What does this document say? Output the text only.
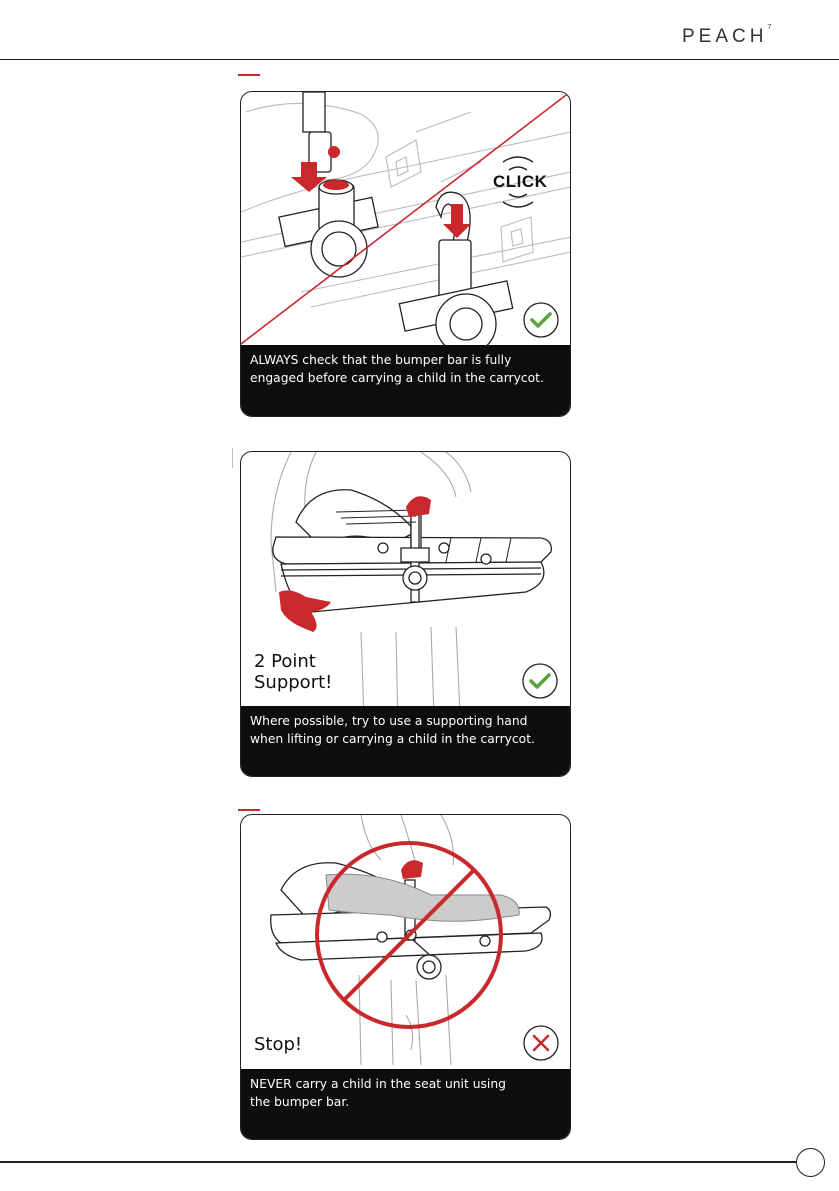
PEACH$^7$
CLICK
ALWAYS check that the bumper bar is fully
engaged before carrying a child in the carrycot.
2 Point
Support!
Where possible, try to use a supporting hand
when lifting or carrying a child in the carrycot.
Stop!
NEVER carry a child in the seat unit using
the bumper bar.
